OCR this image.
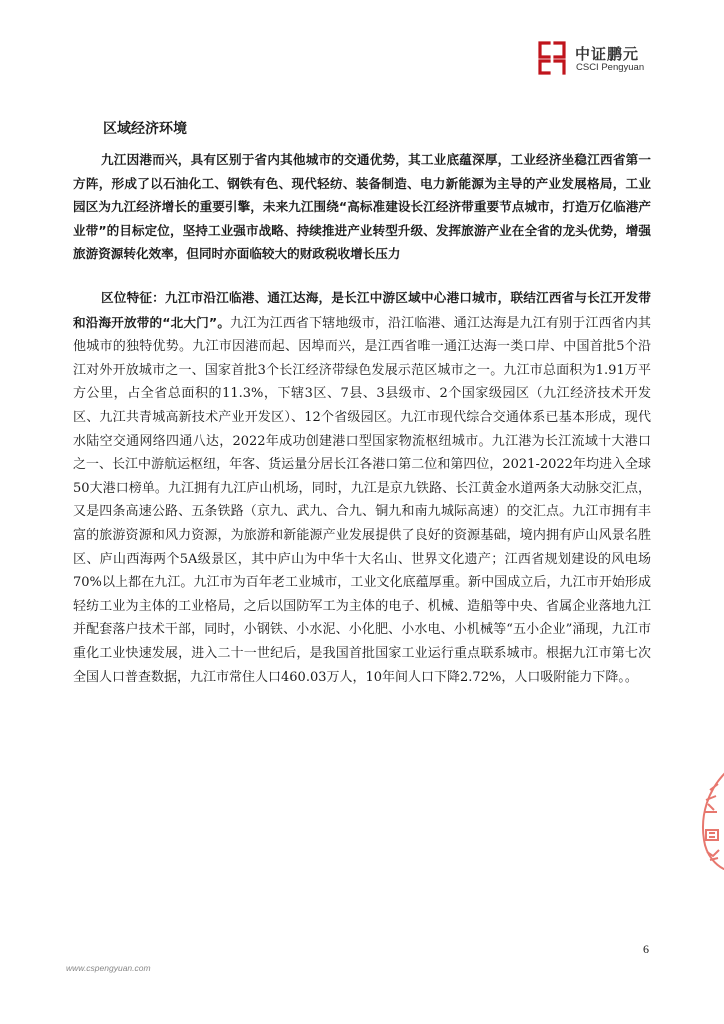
中证鹏元
CSCI Pengyuan
区域经济环境

九江因港而兴，具有区别于省内其他城市的交通优势，其工业底蕴深厚，工业经济坐稳江西省第一方阵，形成了以石油化工、钢铁有色、现代轻纺、装备制造、电力新能源为主导的产业发展格局，工业园区为九江经济增长的重要引擎，未来九江围绕“高标准建设长江经济带重要节点城市，打造万亿临港产业带”的目标定位，坚持工业强市战略、持续推进产业转型升级、发挥旅游产业在全省的龙头优势，增强旅游资源转化效率，但同时亦面临较大的财政税收增长压力

区位特征：九江市沿江临港、通江达海，是长江中游区域中心港口城市，联结江西省与长江开发带和沿海开放带的“北大门”。九江为江西省下辖地级市，沿江临港、通江达海是九江有别于江西省内其他城市的独特优势。九江市因港而起、因埠而兴，是江西省唯一通江达海一类口岸、中国首批5个沿江对外开放城市之一、国家首批3个长江经济带绿色发展示范区城市之一。九江市总面积为1.91万平方公里，占全省总面积的11.3%，下辖3区、7县、3县级市、2个国家级园区（九江经济技术开发区、九江共青城高新技术产业开发区）、12个省级园区。九江市现代综合交通体系已基本形成，现代水陆空交通网络四通八达，2022年成功创建港口型国家物流枢纽城市。九江港为长江流域十大港口之一、长江中游航运枢纽，年客、货运量分居长江各港口第二位和第四位，2021-2022年均进入全球50大港口榜单。九江拥有九江庐山机场，同时，九江是京九铁路、长江黄金水道两条大动脉交汇点，又是四条高速公路、五条铁路（京九、武九、合九、铜九和南九城际高速）的交汇点。九江市拥有丰富的旅游资源和风力资源，为旅游和新能源产业发展提供了良好的资源基础，境内拥有庐山风景名胜区、庐山西海两个5A级景区，其中庐山为中华十大名山、世界文化遗产；江西省规划建设的风电场70%以上都在九江。九江市为百年老工业城市，工业文化底蕴厚重。新中国成立后，九江市开始形成轻纺工业为主体的工业格局，之后以国防军工为主体的电子、机械、造船等中央、省属企业落地九江并配套落户技术干部，同时，小钢铁、小水泥、小化肥、小水电、小机械等“五小企业”涌现，九江市重化工业快速发展，进入二十一世纪后，是我国首批国家工业运行重点联系城市。根据九江市第七次全国人口普查数据，九江市常住人口460.03万人，10年间人口下降2.72%，人口吸附能力下降。。

6
www.cspengyuan.com
